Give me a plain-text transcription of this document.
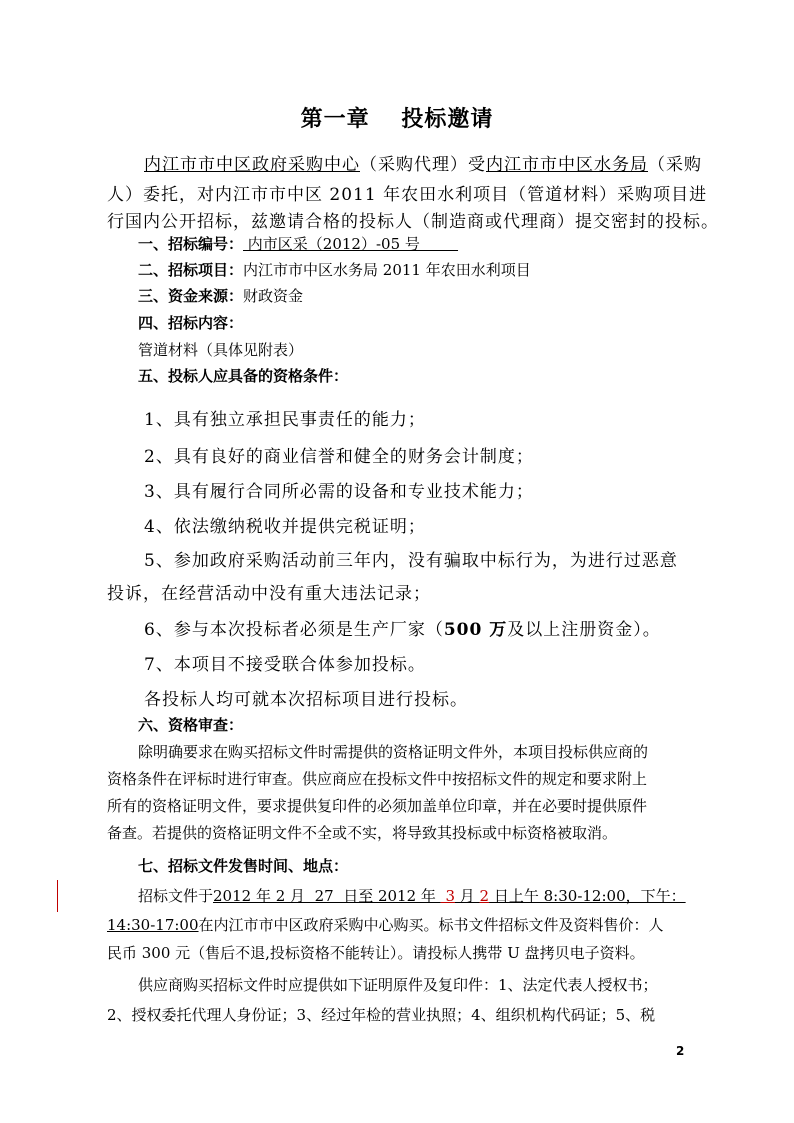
第一章　 投标邀请
内江市市中区政府采购中心（采购代理）受内江市市中区水务局（采购
人）委托，对内江市市中区 2011 年农田水利项目（管道材料）采购项目进
行国内公开招标，兹邀请合格的投标人（制造商或代理商）提交密封的投标。
一、招标编号： 内市区采（2012）-05 号
二、招标项目：内江市市中区水务局 2011 年农田水利项目
三、资金来源：财政资金
四、招标内容：
管道材料（具体见附表）
五、投标人应具备的资格条件：
1、具有独立承担民事责任的能力；
2、具有良好的商业信誉和健全的财务会计制度；
3、具有履行合同所必需的设备和专业技术能力；
4、依法缴纳税收并提供完税证明；
5、参加政府采购活动前三年内，没有骗取中标行为，为进行过恶意
投诉，在经营活动中没有重大违法记录；
6、参与本次投标者必须是生产厂家（500 万及以上注册资金）。
7、本项目不接受联合体参加投标。
各投标人均可就本次招标项目进行投标。
六、资格审查：
除明确要求在购买招标文件时需提供的资格证明文件外，本项目投标供应商的
资格条件在评标时进行审查。供应商应在投标文件中按招标文件的规定和要求附上
所有的资格证明文件，要求提供复印件的必须加盖单位印章，并在必要时提供原件
备查。若提供的资格证明文件不全或不实，将导致其投标或中标资格被取消。
七、招标文件发售时间、地点：
招标文件于2012 年 2 月  27  日至 2012 年  3 月 2 日上午 8:30-12:00，下午：
14:30-17:00在内江市市中区政府采购中心购买。标书文件招标文件及资料售价：人
民币 300 元（售后不退,投标资格不能转让）。请投标人携带 U 盘拷贝电子资料。
供应商购买招标文件时应提供如下证明原件及复印件：1、法定代表人授权书；
2、授权委托代理人身份证；3、经过年检的营业执照；4、组织机构代码证；5、税
2
